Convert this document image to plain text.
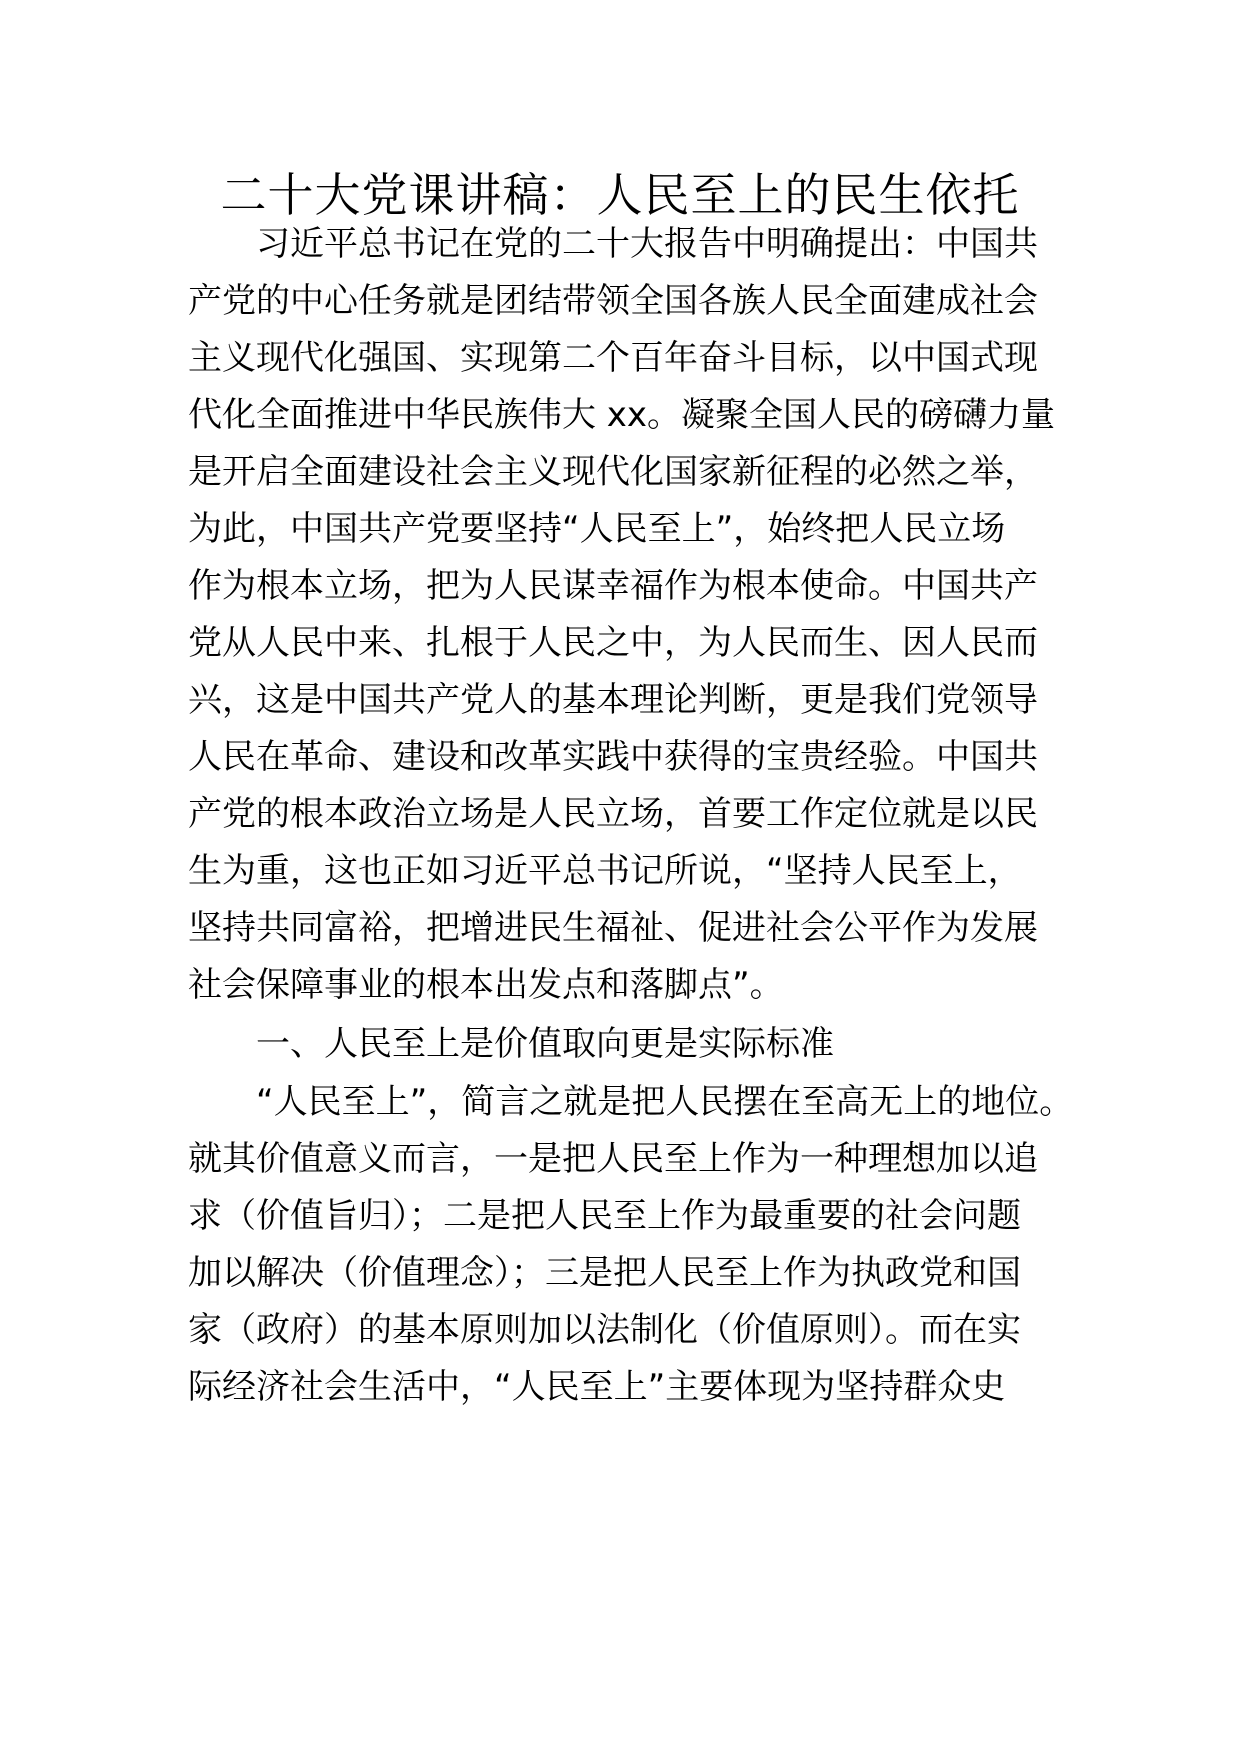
二十大党课讲稿：人民至上的民生依托
习近平总书记在党的二十大报告中明确提出：中国共
产党的中心任务就是团结带领全国各族人民全面建成社会
主义现代化强国、实现第二个百年奋斗目标，以中国式现
代化全面推进中华民族伟大 xx。凝聚全国人民的磅礴力量
是开启全面建设社会主义现代化国家新征程的必然之举，
为此，中国共产党要坚持“人民至上”，始终把人民立场
作为根本立场，把为人民谋幸福作为根本使命。中国共产
党从人民中来、扎根于人民之中，为人民而生、因人民而
兴，这是中国共产党人的基本理论判断，更是我们党领导
人民在革命、建设和改革实践中获得的宝贵经验。中国共
产党的根本政治立场是人民立场，首要工作定位就是以民
生为重，这也正如习近平总书记所说，“坚持人民至上，
坚持共同富裕，把增进民生福祉、促进社会公平作为发展
社会保障事业的根本出发点和落脚点”。
一、人民至上是价值取向更是实际标准
“人民至上”，简言之就是把人民摆在至高无上的地位。
就其价值意义而言，一是把人民至上作为一种理想加以追
求（价值旨归）；二是把人民至上作为最重要的社会问题
加以解决（价值理念）；三是把人民至上作为执政党和国
家（政府）的基本原则加以法制化（价值原则）。而在实
际经济社会生活中，“人民至上”主要体现为坚持群众史
